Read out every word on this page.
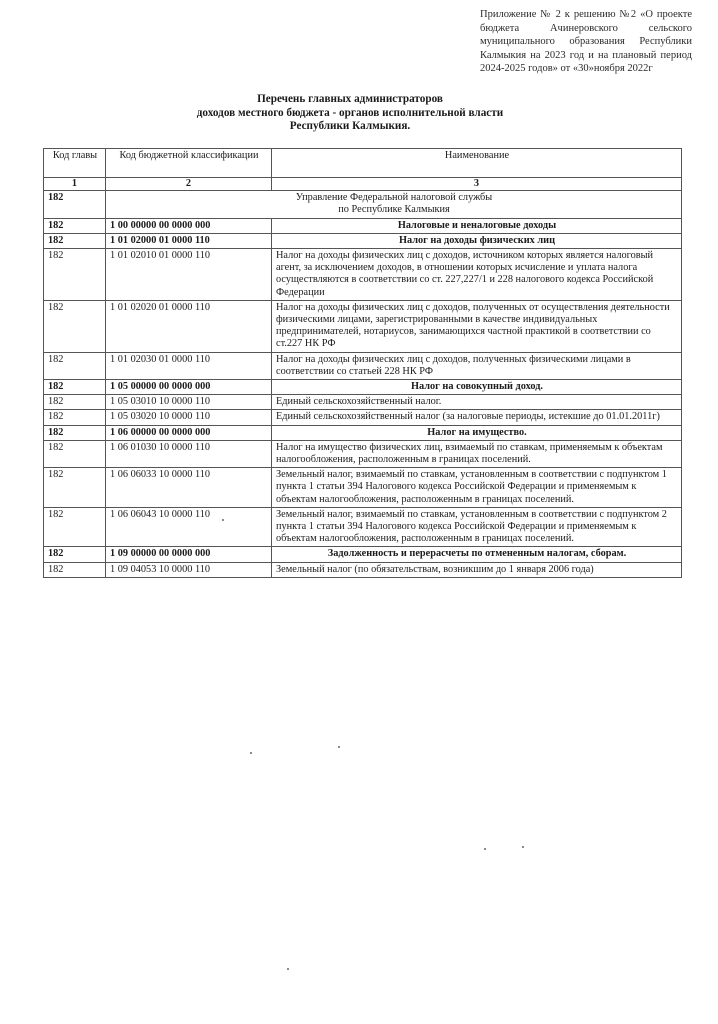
Приложение № 2 к решению №2 «О проекте бюджета Ачинеровского сельского муниципального образования Республики Калмыкия на 2023 год и на плановый период 2024-2025 годов» от «30»ноября 2022г
Перечень главных администраторов
доходов местного бюджета - органов исполнительной власти
Республики Калмыкия.
Код главы	Код бюджетной классификации	Наименование
1	2	3
182	Управление Федеральной налоговой службы
по Республике Калмыкия	

182	1 00 00000 00 0000 000	Налоговые и неналоговые доходы
182	1 01 02000 01 0000 110	Налог на доходы физических лиц
182	1 01 02010 01 0000 110	Налог на доходы физических лиц с доходов, источником которых является налоговый агент, за исключением доходов, в отношении которых исчисление и уплата налога осуществляются в соответствии со ст. 227,227/1 и 228 налогового кодекса Российской Федерации
182	1 01 02020 01 0000 110	Налог на доходы физических лиц с доходов, полученных от осуществления деятельности физическими лицами, зарегистрированными в качестве индивидуальных предпринимателей, нотариусов, занимающихся частной практикой в соответствии со ст.227 НК РФ
182	1 01 02030 01 0000 110	Налог на доходы физических лиц с доходов, полученных физическими лицами в соответствии со статьей 228 НК РФ
182	1 05 00000 00 0000 000	Налог на совокупный доход.
182	1 05 03010 10 0000 110	Единый сельскохозяйственный налог.
182	1 05 03020 10 0000 110	Единый сельскохозяйственный налог (за налоговые периоды, истекшие до 01.01.2011г)
182	1 06 00000 00 0000 000	Налог на имущество.
182	1 06 01030 10 0000 110	Налог на имущество физических лиц, взимаемый по ставкам, применяемым к объектам налогообложения, расположенным в границах поселений.
182	1 06 06033 10 0000 110	Земельный налог, взимаемый по ставкам, установленным в соответствии с подпунктом 1 пункта 1 статьи 394 Налогового кодекса Российской Федерации и применяемым к объектам налогообложения, расположенным в границах поселений.
182	1 06 06043 10 0000 110	Земельный налог, взимаемый по ставкам, установленным в соответствии с подпунктом 2 пункта 1 статьи 394 Налогового кодекса Российской Федерации и применяемым к объектам налогообложения, расположенным в границах поселений.
182	1 09 00000 00 0000 000	Задолженность и перерасчеты по отмененным налогам, сборам.
182	1 09 04053 10 0000 110	Земельный налог (по обязательствам, возникшим до 1 января 2006 года)
